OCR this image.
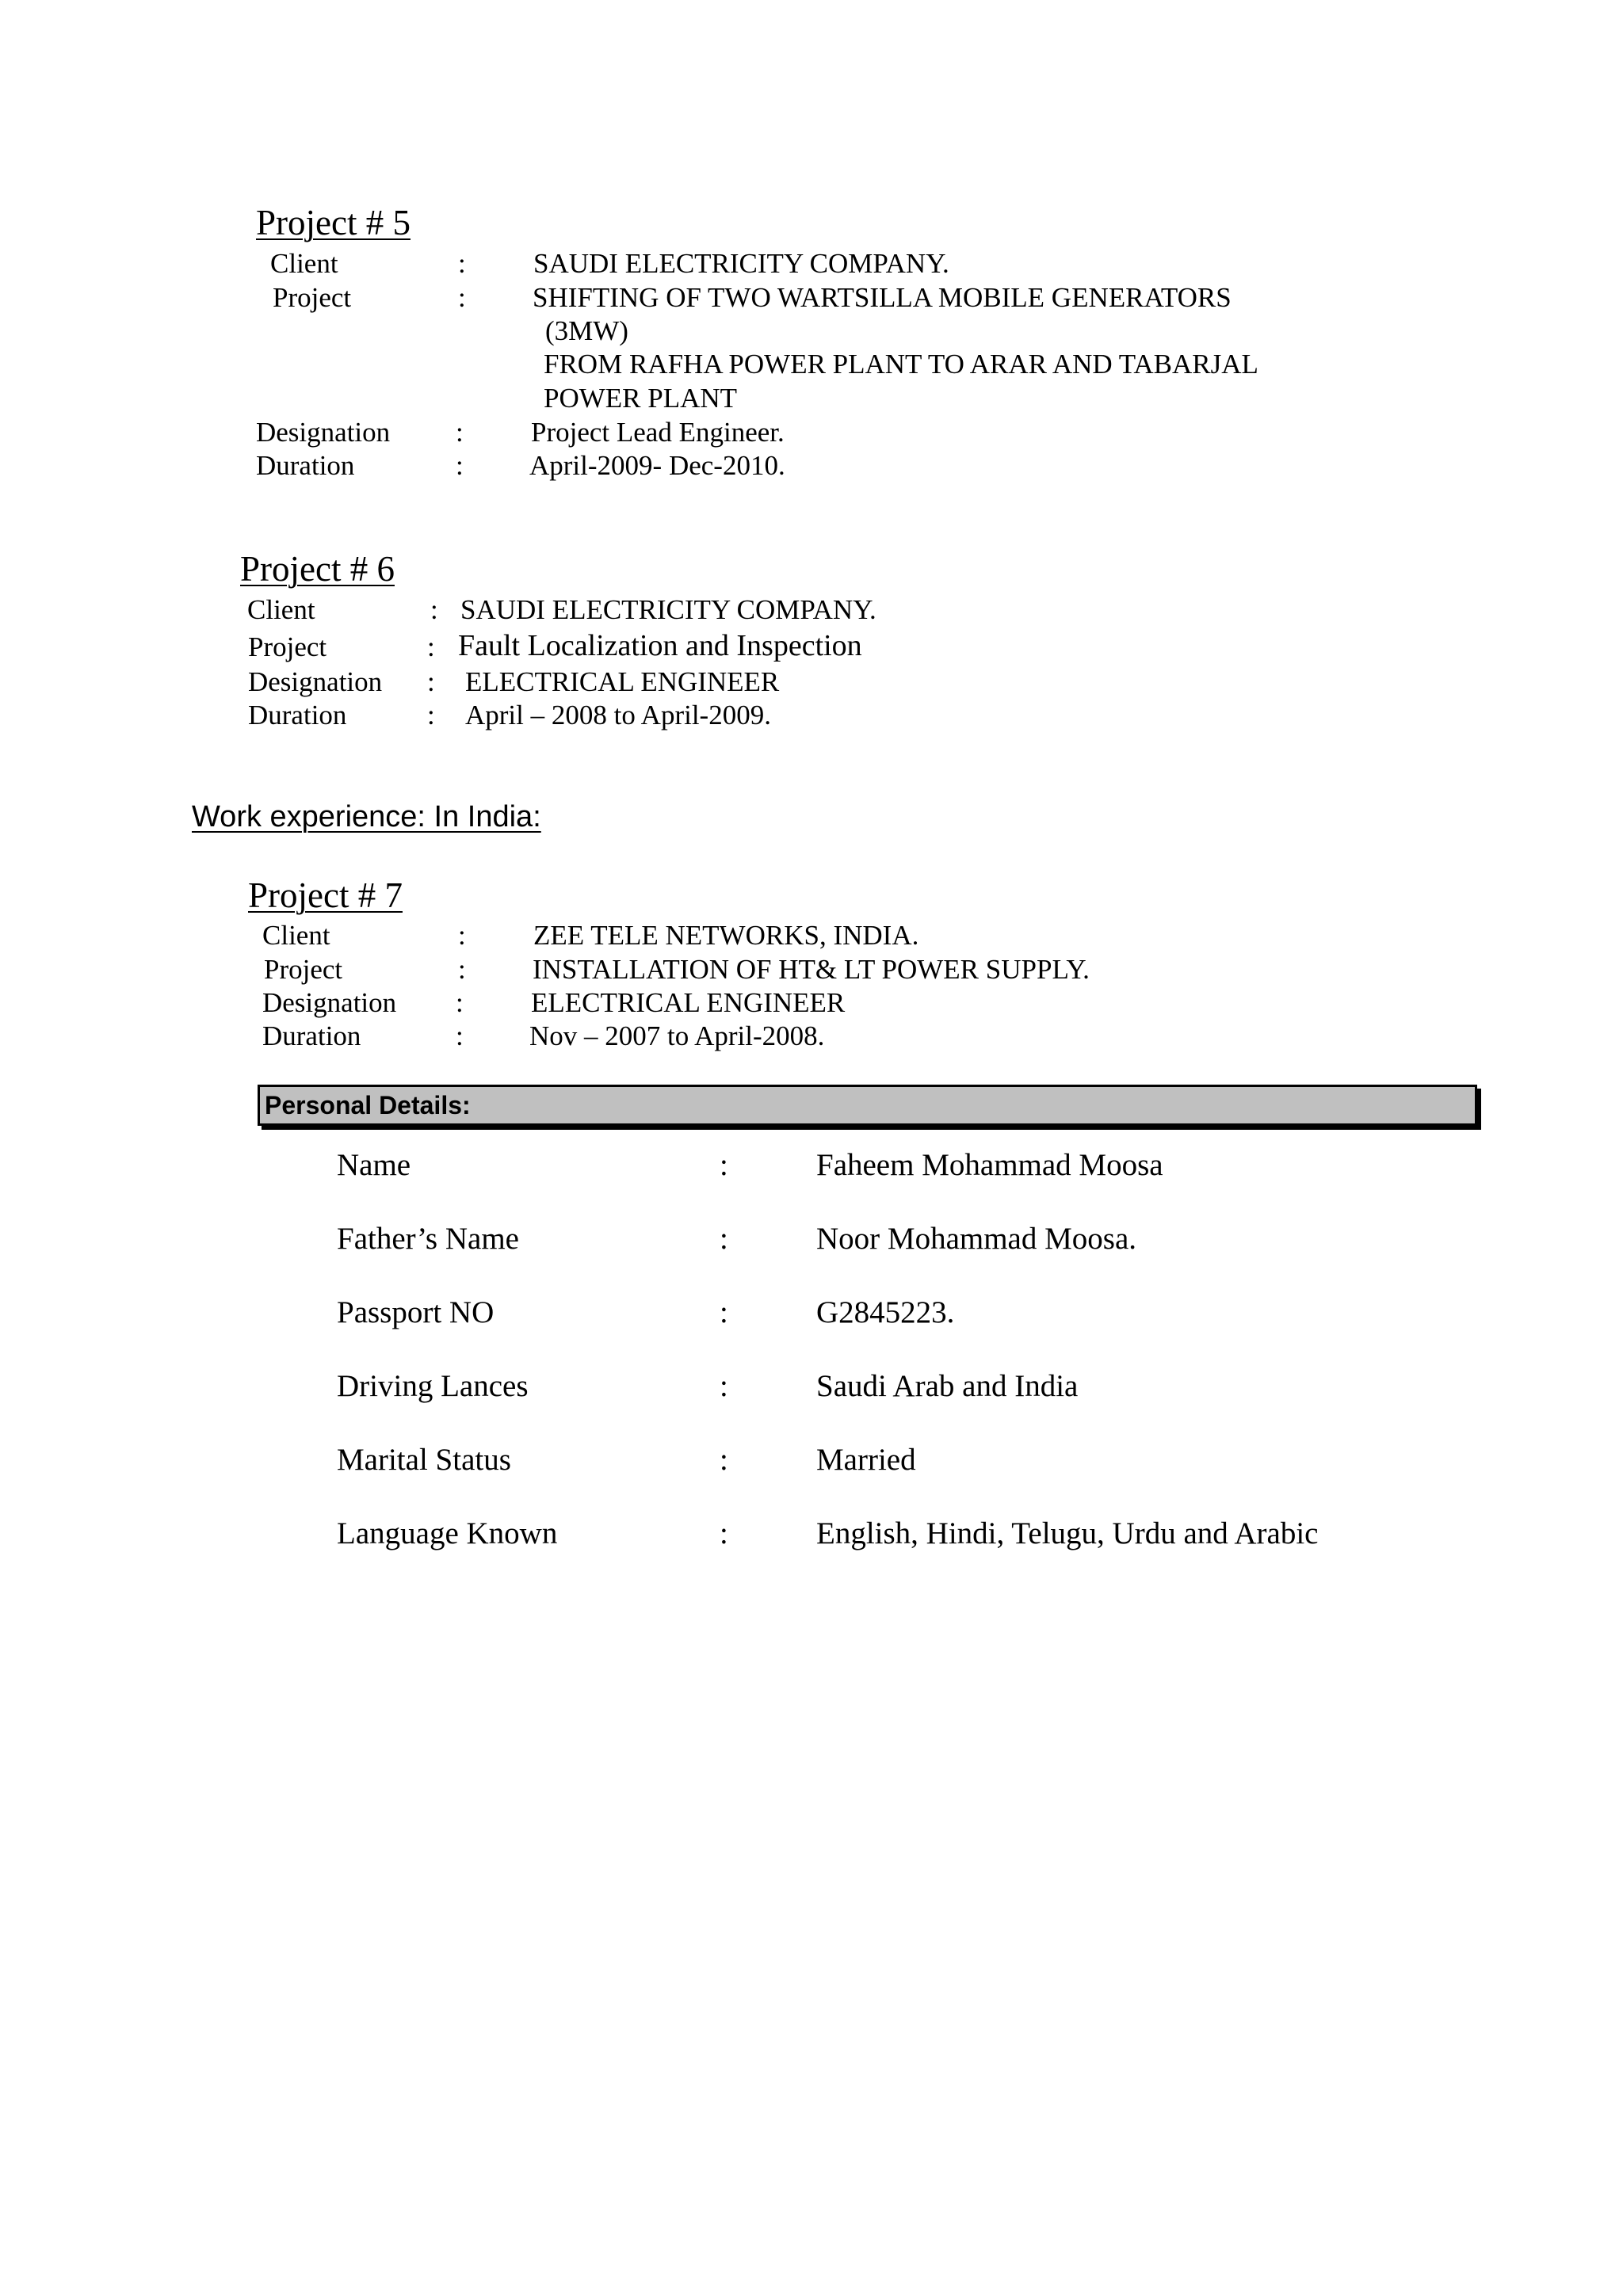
Project # 5
Client	: SAUDI ELECTRICITY COMPANY.
Project	: SHIFTING OF TWO WARTSILLA MOBILE GENERATORS
(3MW)
FROM RAFHA POWER PLANT TO ARAR AND TABARJAL
POWER PLANT
Designation : Project Lead Engineer.
Duration	: April-2009- Dec-2010.
Project # 6
Client	: SAUDI ELECTRICITY COMPANY.
Project	: Fault Localization and Inspection
Designation : ELECTRICAL ENGINEER
Duration	: April – 2008 to April-2009.
Work experience: In India:
Project # 7
Client	: ZEE TELE NETWORKS, INDIA.
Project	: INSTALLATION OF HT& LT POWER SUPPLY.
Designation : ELECTRICAL ENGINEER
Duration	: Nov – 2007 to April-2008.
Personal Details:
Name	:	Faheem Mohammad Moosa
Father’s Name	:	Noor Mohammad Moosa.
Passport NO	:	G2845223.
Driving Lances	:	Saudi Arab and India
Marital Status	:	Married
Language Known	:	English, Hindi, Telugu, Urdu and Arabic
